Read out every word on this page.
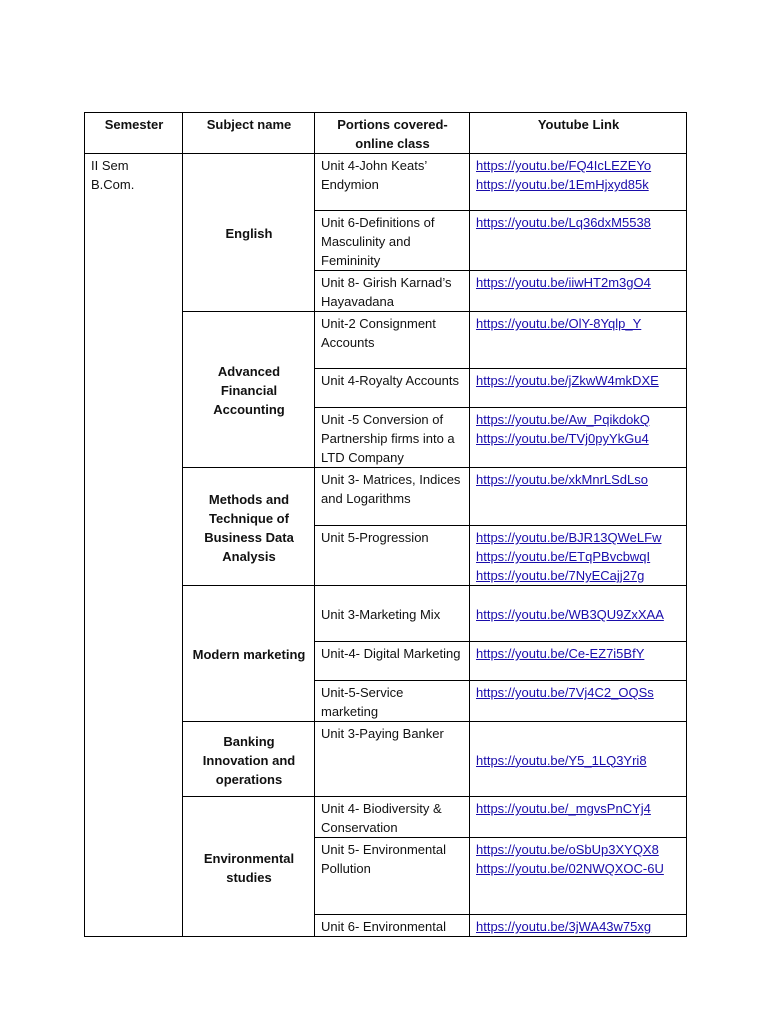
Semester	Subject name	Portions covered- online class	Youtube Link
II Sem B.Com.	English	Unit 4-John Keats’ Endymion	https://youtu.be/FQ4IcLEZEYo
https://youtu.be/1EmHjxyd85k

		Unit 6-Definitions of Masculinity and Femininity	https://youtu.be/Lq36dxM5538

		Unit 8- Girish Karnad’s Hayavadana	https://youtu.be/iiwHT2m3gO4

	Advanced Financial Accounting	Unit-2 Consignment Accounts	https://youtu.be/OlY-8Yqlp_Y

		Unit 4-Royalty Accounts	https://youtu.be/jZkwW4mkDXE

		Unit -5 Conversion of Partnership firms into a LTD Company	https://youtu.be/Aw_PqikdokQ
https://youtu.be/TVj0pyYkGu4

	Methods and Technique of Business Data Analysis	Unit 3- Matrices, Indices and Logarithms	https://youtu.be/xkMnrLSdLso

		Unit 5-Progression	https://youtu.be/BJR13QWeLFw
https://youtu.be/ETqPBvcbwqI
https://youtu.be/7NyECajj27g

	Modern marketing	Unit 3-Marketing Mix	https://youtu.be/WB3QU9ZxXAA

		Unit-4- Digital Marketing	https://youtu.be/Ce-EZ7i5BfY

		Unit-5-Service marketing	https://youtu.be/7Vj4C2_OQSs

	Banking Innovation and operations	Unit 3-Paying Banker	https://youtu.be/Y5_1LQ3Yri8

	Environmental studies	Unit 4- Biodiversity & Conservation	https://youtu.be/_mgvsPnCYj4

		Unit 5- Environmental Pollution	https://youtu.be/oSbUp3XYQX8
https://youtu.be/02NWQXOC-6U

		Unit 6- Environmental	https://youtu.be/3jWA43w75xg
